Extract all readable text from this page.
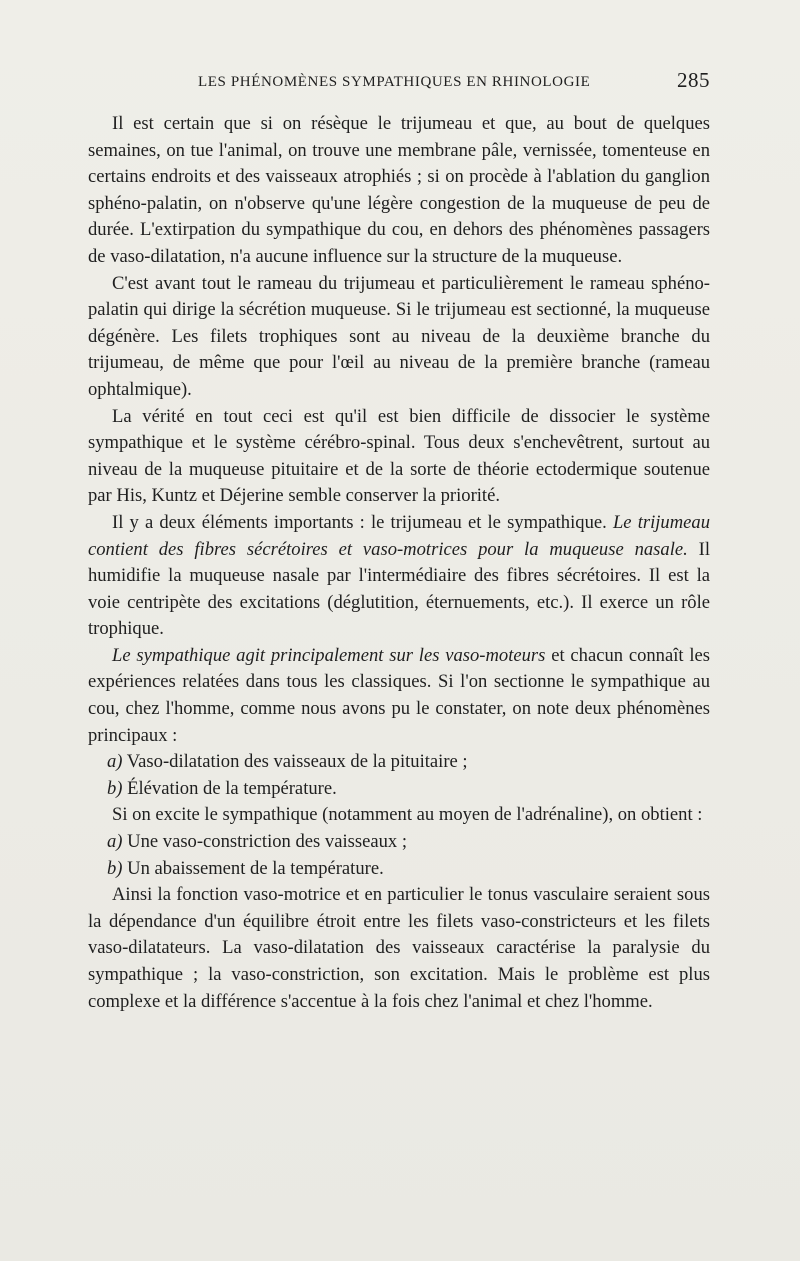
LES PHÉNOMÈNES SYMPATHIQUES EN RHINOLOGIE	285

Il est certain que si on résèque le trijumeau et que, au bout de quelques semaines, on tue l'animal, on trouve une membrane pâle, vernissée, tomenteuse en certains endroits et des vaisseaux atrophiés ; si on procède à l'ablation du ganglion sphéno-palatin, on n'observe qu'une légère congestion de la muqueuse de peu de durée. L'extirpation du sympathique du cou, en dehors des phénomènes passagers de vaso-dilatation, n'a aucune influence sur la structure de la muqueuse.

C'est avant tout le rameau du trijumeau et particulièrement le rameau sphéno-palatin qui dirige la sécrétion muqueuse. Si le trijumeau est sectionné, la muqueuse dégénère. Les filets trophiques sont au niveau de la deuxième branche du trijumeau, de même que pour l'œil au niveau de la première branche (rameau ophtalmique).

La vérité en tout ceci est qu'il est bien difficile de dissocier le système sympathique et le système cérébro-spinal. Tous deux s'enchevêtrent, surtout au niveau de la muqueuse pituitaire et de la sorte de théorie ectodermique soutenue par His, Kuntz et Déjerine semble conserver la priorité.

Il y a deux éléments importants : le trijumeau et le sympathique. Le trijumeau contient des fibres sécrétoires et vaso-motrices pour la muqueuse nasale. Il humidifie la muqueuse nasale par l'intermédiaire des fibres sécrétoires. Il est la voie centripète des excitations (déglutition, éternuements, etc.). Il exerce un rôle trophique.

Le sympathique agit principalement sur les vaso-moteurs et chacun connaît les expériences relatées dans tous les classiques. Si l'on sectionne le sympathique au cou, chez l'homme, comme nous avons pu le constater, on note deux phénomènes principaux :

a) Vaso-dilatation des vaisseaux de la pituitaire ;

b) Élévation de la température.

Si on excite le sympathique (notamment au moyen de l'adrénaline), on obtient :

a) Une vaso-constriction des vaisseaux ;

b) Un abaissement de la température.

Ainsi la fonction vaso-motrice et en particulier le tonus vasculaire seraient sous la dépendance d'un équilibre étroit entre les filets vaso-constricteurs et les filets vaso-dilatateurs. La vaso-dilatation des vaisseaux caractérise la paralysie du sympathique ; la vaso-constriction, son excitation. Mais le problème est plus complexe et la différence s'accentue à la fois chez l'animal et chez l'homme.
